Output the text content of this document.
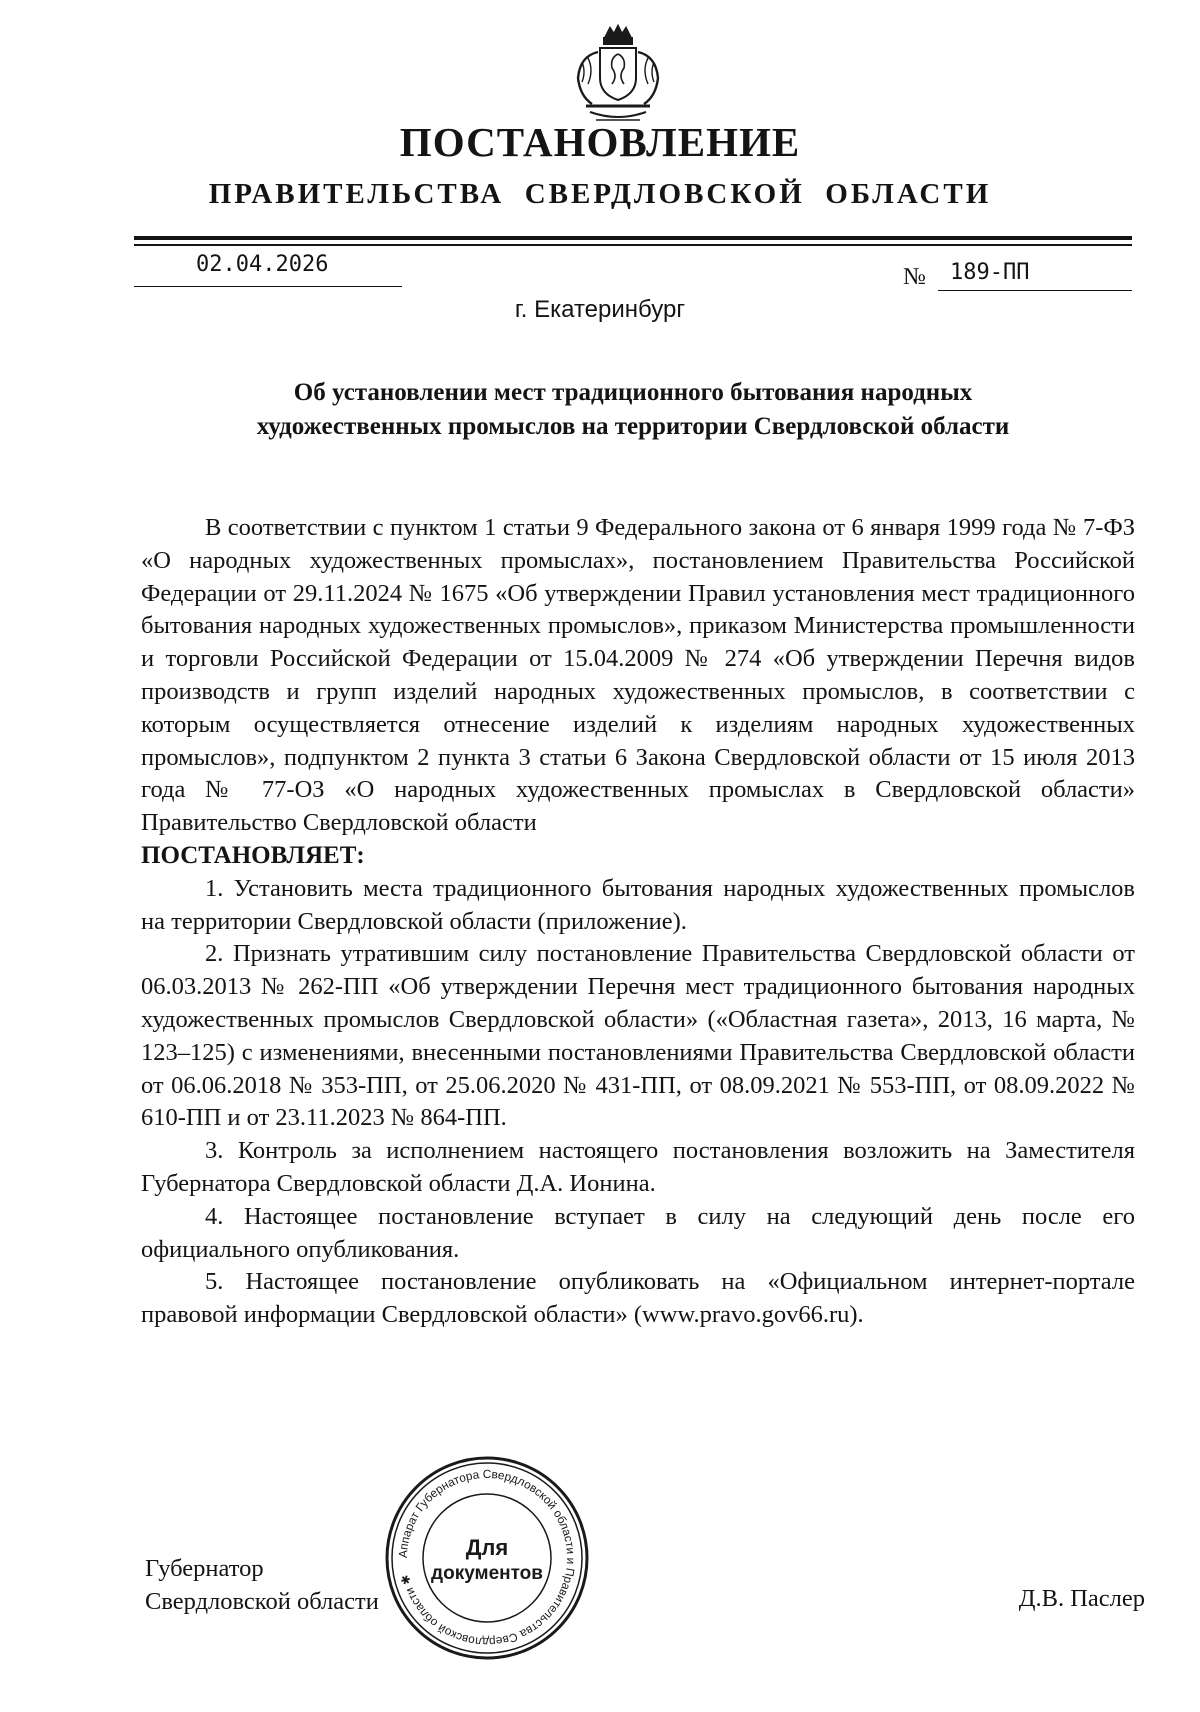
ПОСТАНОВЛЕНИЕ
ПРАВИТЕЛЬСТВА  СВЕРДЛОВСКОЙ  ОБЛАСТИ
02.04.2026	№ 189-ПП
г. Екатеринбург
Об установлении мест традиционного бытования народных
художественных промыслов на территории Свердловской области

В соответствии с пунктом 1 статьи 9 Федерального закона от 6 января 1999 года № 7-ФЗ «О народных художественных промыслах», постановлением Правительства Российской Федерации от 29.11.2024 № 1675 «Об утверждении Правил установления мест традиционного бытования народных художественных промыслов», приказом Министерства промышленности и торговли Российской Федерации от 15.04.2009 № 274 «Об утверждении Перечня видов производств и групп изделий народных художественных промыслов, в соответствии с которым осуществляется отнесение изделий к изделиям народных художественных промыслов», подпунктом 2 пункта 3 статьи 6 Закона Свердловской области от 15 июля 2013 года № 77-ОЗ «О народных художественных промыслах в Свердловской области» Правительство Свердловской области

ПОСТАНОВЛЯЕТ:

1. Установить места традиционного бытования народных художественных промыслов на территории Свердловской области (приложение).

2. Признать утратившим силу постановление Правительства Свердловской области от 06.03.2013 № 262-ПП «Об утверждении Перечня мест традиционного бытования народных художественных промыслов Свердловской области» («Областная газета», 2013, 16 марта, № 123–125) с изменениями, внесенными постановлениями Правительства Свердловской области от 06.06.2018 № 353-ПП, от 25.06.2020 № 431-ПП, от 08.09.2021 № 553-ПП, от 08.09.2022 № 610-ПП и от 23.11.2023 № 864-ПП.

3. Контроль за исполнением настоящего постановления возложить на Заместителя Губернатора Свердловской области Д.А. Ионина.

4. Настоящее постановление вступает в силу на следующий день после его официального опубликования.

5. Настоящее постановление опубликовать на «Официальном интернет-портале правовой информации Свердловской области» (www.pravo.gov66.ru).

Губернатор
Свердловской области	Д.В. Паслер
Аппарат Губернатора Свердловской области и Правительства Свердловской области ✱
Для
документов
